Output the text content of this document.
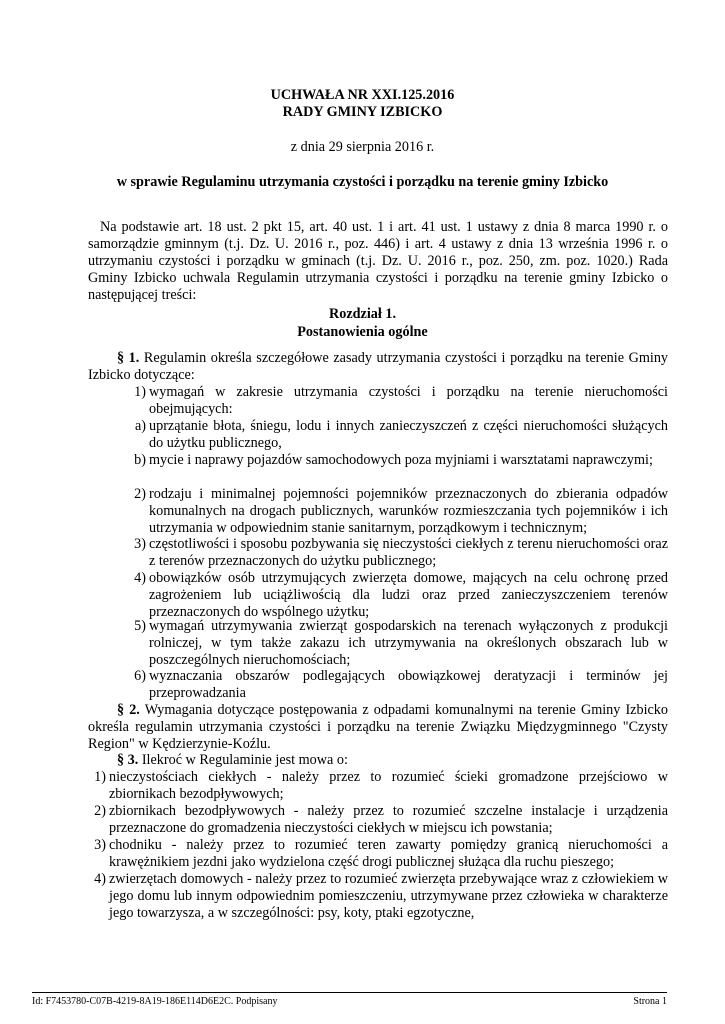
UCHWAŁA NR XXI.125.2016
RADY GMINY IZBICKO
z dnia 29 sierpnia 2016 r.
w sprawie Regulaminu utrzymania czystości i porządku na terenie gminy Izbicko
Na podstawie art. 18 ust. 2 pkt 15, art. 40 ust. 1 i art. 41 ust. 1 ustawy z dnia 8 marca 1990 r. o samorządzie gminnym (t.j. Dz. U. 2016 r., poz. 446) i art. 4 ustawy z dnia 13 września 1996 r. o utrzymaniu czystości i porządku w gminach (t.j. Dz. U. 2016 r., poz. 250, zm. poz. 1020.) Rada Gminy Izbicko uchwala Regulamin utrzymania czystości i porządku na terenie gminy Izbicko o następującej treści:
Rozdział 1.
Postanowienia ogólne
§ 1. Regulamin określa szczegółowe zasady utrzymania czystości i porządku na terenie Gminy Izbicko dotyczące:
1) wymagań w zakresie utrzymania czystości i porządku na terenie nieruchomości obejmujących:
a) uprzątanie błota, śniegu, lodu i innych zanieczyszczeń z części nieruchomości służących do użytku publicznego,
b) mycie i naprawy pojazdów samochodowych poza myjniami i warsztatami naprawczymi;
2) rodzaju i minimalnej pojemności pojemników przeznaczonych do zbierania odpadów komunalnych na drogach publicznych, warunków rozmieszczania tych pojemników i ich utrzymania w odpowiednim stanie sanitarnym, porządkowym i technicznym;
3) częstotliwości i sposobu pozbywania się nieczystości ciekłych z terenu nieruchomości oraz z terenów przeznaczonych do użytku publicznego;
4) obowiązków osób utrzymujących zwierzęta domowe, mających na celu ochronę przed zagrożeniem lub uciążliwością dla ludzi oraz przed zanieczyszczeniem terenów przeznaczonych do wspólnego użytku;
5) wymagań utrzymywania zwierząt gospodarskich na terenach wyłączonych z produkcji rolniczej, w tym także zakazu ich utrzymywania na określonych obszarach lub w poszczególnych nieruchomościach;
6) wyznaczania obszarów podlegających obowiązkowej deratyzacji i terminów jej przeprowadzania
§ 2. Wymagania dotyczące postępowania z odpadami komunalnymi na terenie Gminy Izbicko określa regulamin utrzymania czystości i porządku na terenie Związku Międzygminnego "Czysty Region" w Kędzierzynie-Koźlu.
§ 3. Ilekroć w Regulaminie jest mowa o:
1) nieczystościach ciekłych - należy przez to rozumieć ścieki gromadzone przejściowo w zbiornikach bezodpływowych;
2) zbiornikach bezodpływowych - należy przez to rozumieć szczelne instalacje i urządzenia przeznaczone do gromadzenia nieczystości ciekłych w miejscu ich powstania;
3) chodniku - należy przez to rozumieć teren zawarty pomiędzy granicą nieruchomości a krawężnikiem jezdni jako wydzielona część drogi publicznej służąca dla ruchu pieszego;
4) zwierzętach domowych - należy przez to rozumieć zwierzęta przebywające wraz z człowiekiem w jego domu lub innym odpowiednim pomieszczeniu, utrzymywane przez człowieka w charakterze jego towarzysza, a w szczególności: psy, koty, ptaki egzotyczne,
Id: F7453780-C07B-4219-8A19-186E114D6E2C. Podpisany	Strona 1
